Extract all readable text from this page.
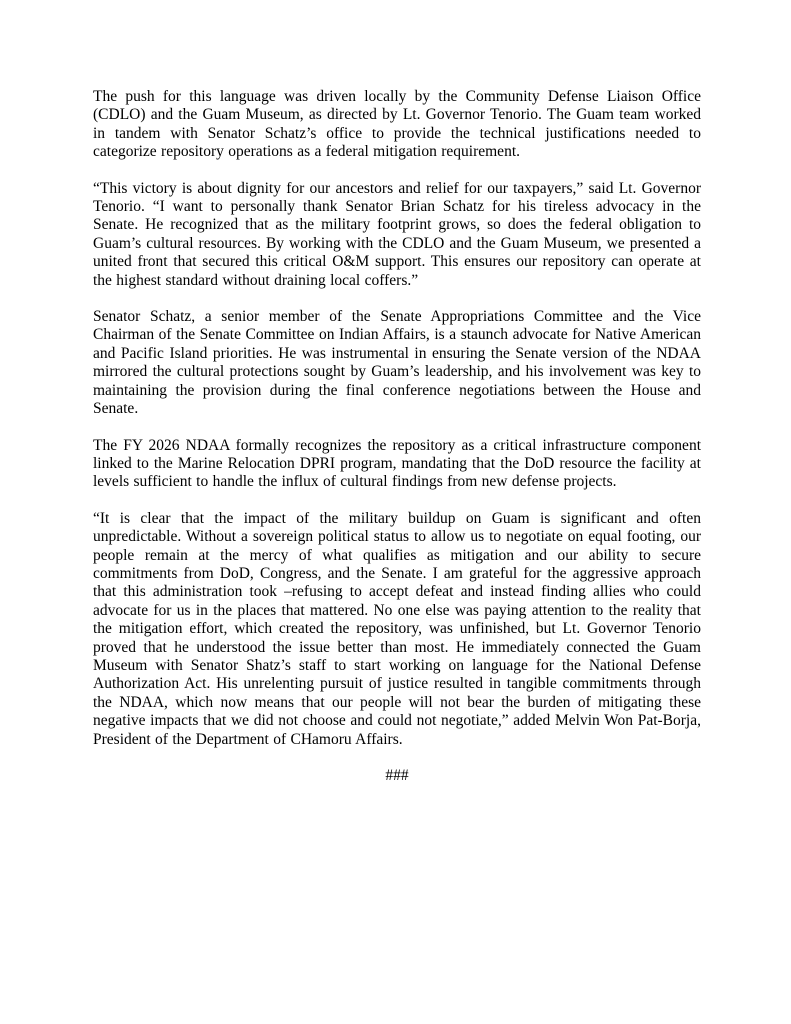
The push for this language was driven locally by the Community Defense Liaison Office (CDLO) and the Guam Museum, as directed by Lt. Governor Tenorio. The Guam team worked in tandem with Senator Schatz’s office to provide the technical justifications needed to categorize repository operations as a federal mitigation requirement.

“This victory is about dignity for our ancestors and relief for our taxpayers,” said Lt. Governor Tenorio. “I want to personally thank Senator Brian Schatz for his tireless advocacy in the Senate. He recognized that as the military footprint grows, so does the federal obligation to Guam’s cultural resources. By working with the CDLO and the Guam Museum, we presented a united front that secured this critical O&M support. This ensures our repository can operate at the highest standard without draining local coffers.”

Senator Schatz, a senior member of the Senate Appropriations Committee and the Vice Chairman of the Senate Committee on Indian Affairs, is a staunch advocate for Native American and Pacific Island priorities. He was instrumental in ensuring the Senate version of the NDAA mirrored the cultural protections sought by Guam’s leadership, and his involvement was key to maintaining the provision during the final conference negotiations between the House and Senate.

The FY 2026 NDAA formally recognizes the repository as a critical infrastructure component linked to the Marine Relocation DPRI program, mandating that the DoD resource the facility at levels sufficient to handle the influx of cultural findings from new defense projects.

“It is clear that the impact of the military buildup on Guam is significant and often unpredictable. Without a sovereign political status to allow us to negotiate on equal footing, our people remain at the mercy of what qualifies as mitigation and our ability to secure commitments from DoD, Congress, and the Senate. I am grateful for the aggressive approach that this administration took –refusing to accept defeat and instead finding allies who could advocate for us in the places that mattered. No one else was paying attention to the reality that the mitigation effort, which created the repository, was unfinished, but Lt. Governor Tenorio proved that he understood the issue better than most. He immediately connected the Guam Museum with Senator Shatz’s staff to start working on language for the National Defense Authorization Act. His unrelenting pursuit of justice resulted in tangible commitments through the NDAA, which now means that our people will not bear the burden of mitigating these negative impacts that we did not choose and could not negotiate,” added Melvin Won Pat-Borja, President of the Department of CHamoru Affairs.

###
